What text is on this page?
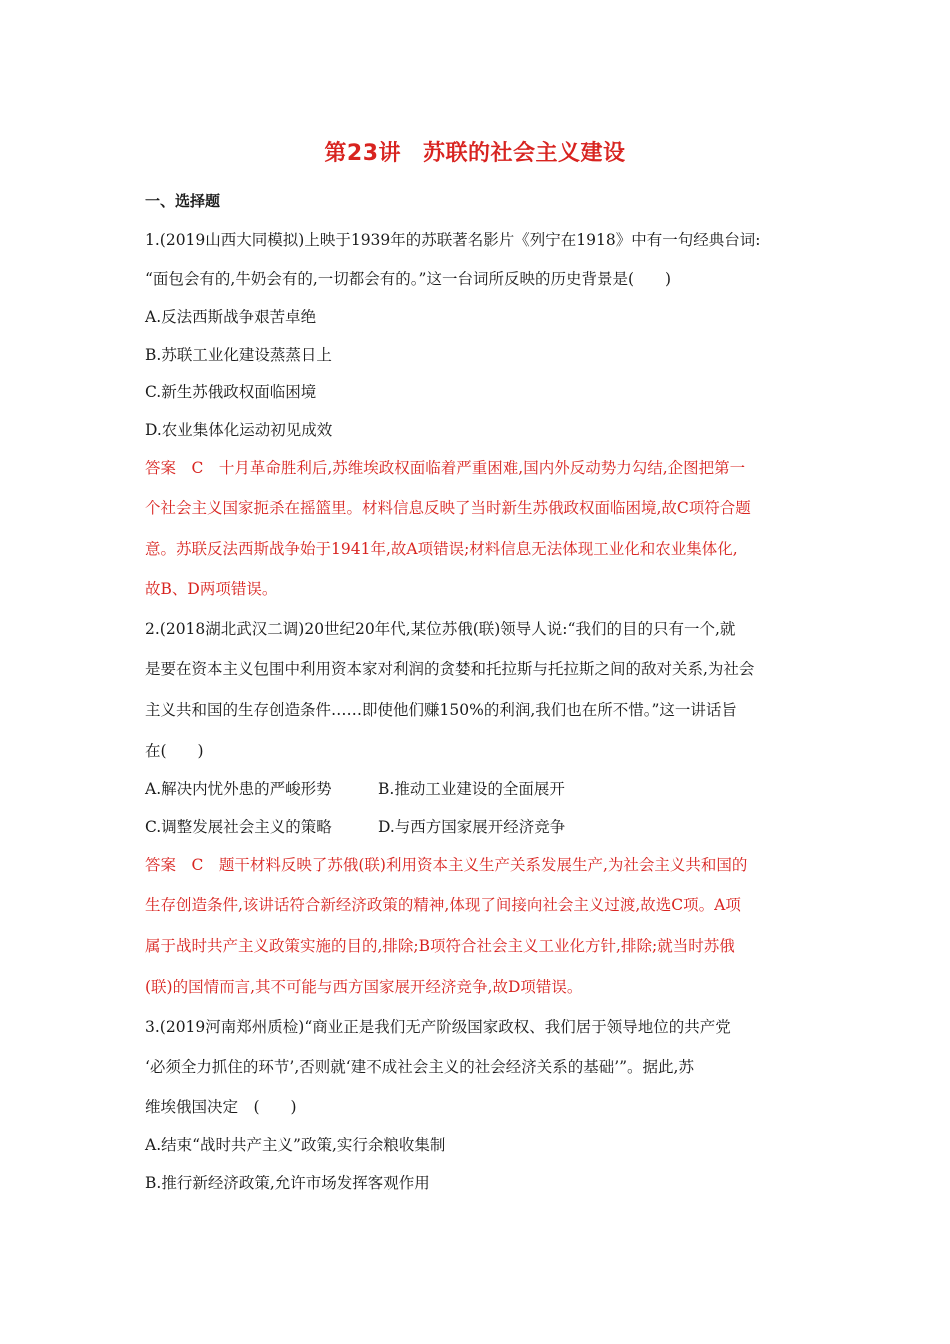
第23讲 苏联的社会主义建设
一、选择题
1.(2019山西大同模拟)上映于1939年的苏联著名影片《列宁在1918》中有一句经典台词:
“面包会有的,牛奶会有的,一切都会有的。”这一台词所反映的历史背景是(　　)
A.反法西斯战争艰苦卓绝
B.苏联工业化建设蒸蒸日上
C.新生苏俄政权面临困境
D.农业集体化运动初见成效
答案　C　十月革命胜利后,苏维埃政权面临着严重困难,国内外反动势力勾结,企图把第一
个社会主义国家扼杀在摇篮里。材料信息反映了当时新生苏俄政权面临困境,故C项符合题
意。苏联反法西斯战争始于1941年,故A项错误;材料信息无法体现工业化和农业集体化,
故B、D两项错误。
2.(2018湖北武汉二调)20世纪20年代,某位苏俄(联)领导人说:“我们的目的只有一个,就
是要在资本主义包围中利用资本家对利润的贪婪和托拉斯与托拉斯之间的敌对关系,为社会
主义共和国的生存创造条件……即使他们赚150%的利润,我们也在所不惜。”这一讲话旨
在(　　)
A.解决内忧外患的严峻形势	B.推动工业建设的全面展开
C.调整发展社会主义的策略	D.与西方国家展开经济竞争
答案　C　题干材料反映了苏俄(联)利用资本主义生产关系发展生产,为社会主义共和国的
生存创造条件,该讲话符合新经济政策的精神,体现了间接向社会主义过渡,故选C项。A项
属于战时共产主义政策实施的目的,排除;B项符合社会主义工业化方针,排除;就当时苏俄
(联)的国情而言,其不可能与西方国家展开经济竞争,故D项错误。
3.(2019河南郑州质检)“商业正是我们无产阶级国家政权、我们居于领导地位的共产党
‘必须全力抓住的环节’,否则就‘建不成社会主义的社会经济关系的基础’”。据此,苏
维埃俄国决定　(　　)
A.结束“战时共产主义”政策,实行余粮收集制
B.推行新经济政策,允许市场发挥客观作用
